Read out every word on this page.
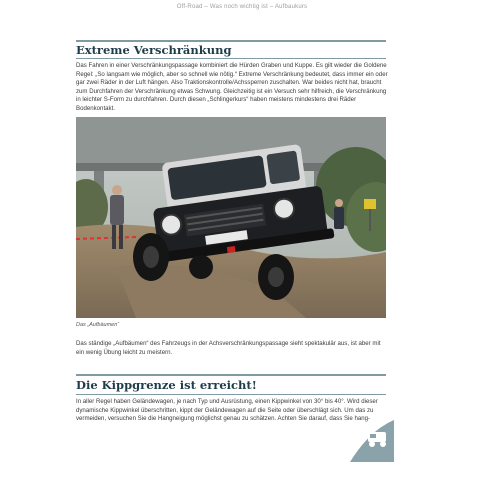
Off-Road – Was noch wichtig ist – Aufbaukurs
Extreme Verschränkung

Das Fahren in einer Verschränkungspassage kombiniert die Hürden Graben und Kuppe. Es gilt wieder die Goldene Regel: „So langsam wie möglich, aber so schnell wie nötig.“ Extreme Verschränkung bedeutet, dass immer ein oder gar zwei Räder in der Luft hängen. Also Traktionskontrolle/Achssperren zuschalten. War beides nicht hat, braucht zum Durchfahren der Verschränkung etwas Schwung. Gleichzeitig ist ein Versuch sehr hilfreich, die Verschränkung in leichter S-Form zu durchfahren. Durch diesen „Schlingerkurs“ haben meistens mindestens drei Räder Bodenkontakt.

Das „Aufbäumen“

Das ständige „Aufbäumen“ des Fahrzeugs in der Achsverschränkungspassage sieht spektakulär aus, ist aber mit ein wenig Übung leicht zu meistern.

Die Kippgrenze ist erreicht!

In aller Regel haben Geländewagen, je nach Typ und Ausrüstung, einen Kippwinkel von 30° bis 40°. Wird dieser dynamische Kippwinkel überschritten, kippt der Geländewagen auf die Seite oder überschlägt sich. Um das zu vermeiden, versuchen Sie die Hangneigung möglichst genau zu schätzen. Achten Sie darauf, dass Sie hang-

73
